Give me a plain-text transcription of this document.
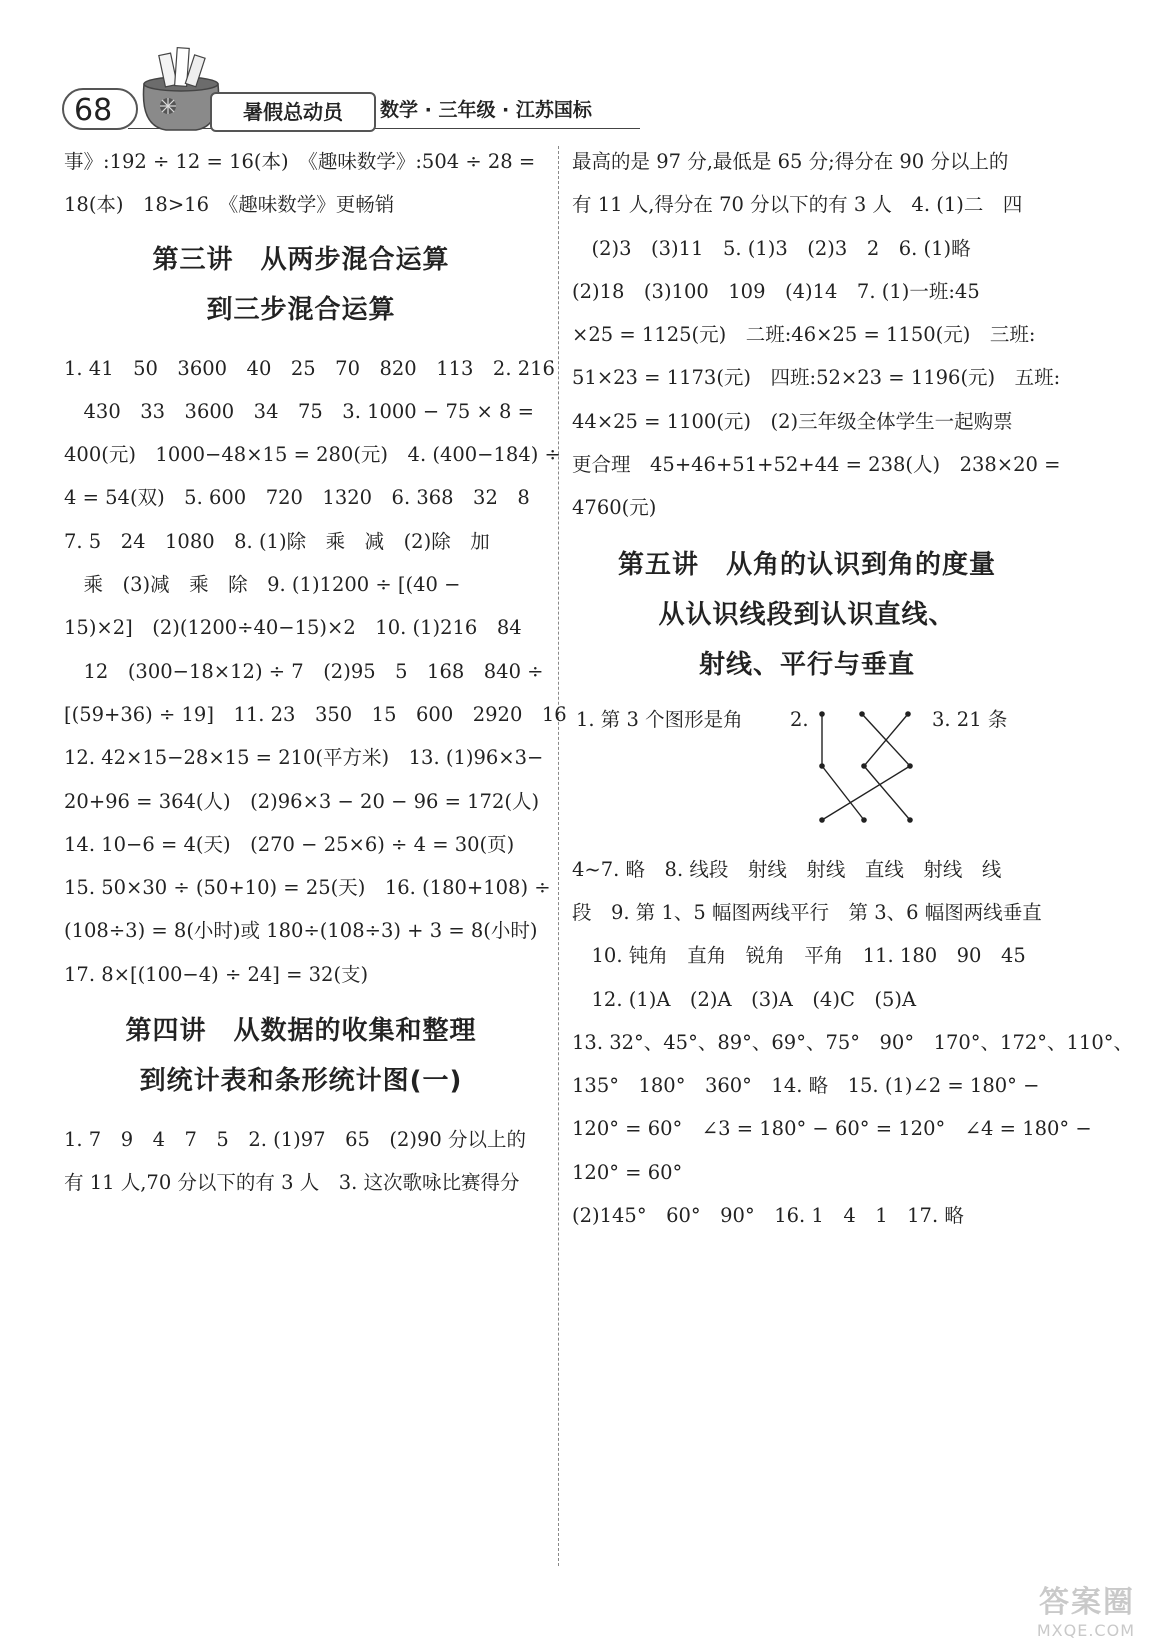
68	暑假总动员	数学 · 三年级 · 江苏国标

事》:192 ÷ 12 = 16(本)　《趣味数学》:504 ÷ 28 =

18(本)　18>16　《趣味数学》更畅销

第三讲　从两步混合运算

到三步混合运算

1. 41　50　3600　40　25　70　820　113　2. 216

　430　33　3600　34　75　3. 1000 − 75 × 8 =

400(元)　1000−48×15 = 280(元)　4. (400−184) ÷

4 = 54(双)　5. 600　720　1320　6. 368　32　8

7. 5　24　1080　8. (1)除　乘　减　(2)除　加

　乘　(3)减　乘　除　9. (1)1200 ÷ [(40 −

15)×2]　(2)(1200÷40−15)×2　10. (1)216　84

　12　(300−18×12) ÷ 7　(2)95　5　168　840 ÷

[(59+36) ÷ 19]　11. 23　350　15　600　2920　16

12. 42×15−28×15 = 210(平方米)　13. (1)96×3−

20+96 = 364(人)　(2)96×3 − 20 − 96 = 172(人)

14. 10−6 = 4(天)　(270 − 25×6) ÷ 4 = 30(页)

15. 50×30 ÷ (50+10) = 25(天)　16. (180+108) ÷

(108÷3) = 8(小时)或 180÷(108÷3) + 3 = 8(小时)

17. 8×[(100−4) ÷ 24] = 32(支)

第四讲　从数据的收集和整理

到统计表和条形统计图(一)

1. 7　9　4　7　5　2. (1)97　65　(2)90 分以上的

有 11 人,70 分以下的有 3 人　3. 这次歌咏比赛得分

最高的是 97 分,最低是 65 分;得分在 90 分以上的

有 11 人,得分在 70 分以下的有 3 人　4. (1)二　四

　(2)3　(3)11　5. (1)3　(2)3　2　6. (1)略

(2)18　(3)100　109　(4)14　7. (1)一班:45

×25 = 1125(元)　二班:46×25 = 1150(元)　三班:

51×23 = 1173(元)　四班:52×23 = 1196(元)　五班:

44×25 = 1100(元)　(2)三年级全体学生一起购票

更合理　45+46+51+52+44 = 238(人)　238×20 =

4760(元)

第五讲　从角的认识到角的度量

从认识线段到认识直线、

射线、平行与垂直

1. 第 3 个图形是角 2.	3. 21 条

4~7. 略　8. 线段　射线　射线　直线　射线　线

段　9. 第 1、5 幅图两线平行　第 3、6 幅图两线垂直

　10. 钝角　直角　锐角　平角　11. 180　90　45

　12. (1)A　(2)A　(3)A　(4)C　(5)A

13. 32°、45°、89°、69°、75°　90°　170°、172°、110°、

135°　180°　360°　14. 略　15. (1)∠2 = 180° −

120° = 60°　∠3 = 180° − 60° = 120°　∠4 = 180° −

120° = 60°

(2)145°　60°　90°　16. 1　4　1　17. 略

答案圈
MXQE.COM
